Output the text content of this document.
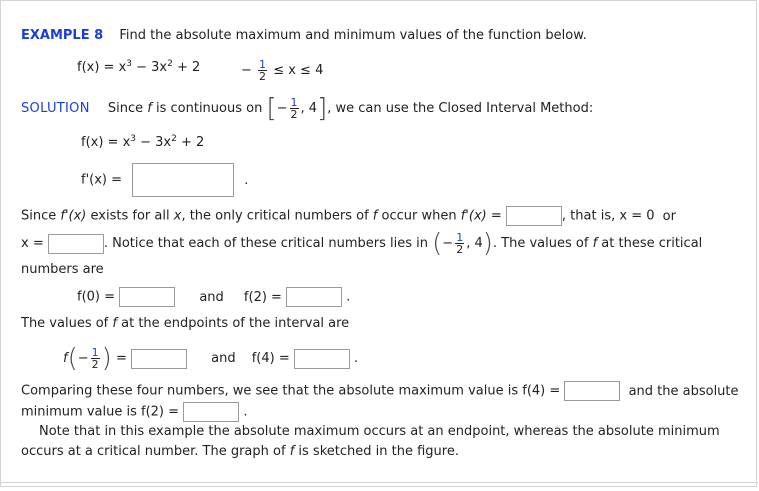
EXAMPLE 8 Find the absolute maximum and minimum values of the function below.
$f(x) = x^3 - 3x^2 + 2$	− $\frac{1}{2} \le x \le 4$
SOLUTION Since f is continuous on [− $\frac{1}{2}$ , 4], we can use the Closed Interval Method:
$f(x) = x^3 - 3x^2 + 2$
f'(x) =	.
Since f'(x) exists for all x, the only critical numbers of f occur when f'(x) =	, that is, x = 0 or
x =	. Notice that each of these critical numbers lies in (− $\frac{1}{2}$ , 4). The values of f at these critical
numbers are
f(0) =	and f(2) =	.
The values of f at the endpoints of the interval are
$f(- \frac{1}{2}$ ) =	and f(4) =	.
Comparing these four numbers, we see that the absolute maximum value is f(4) =	and the absolute
minimum value is f(2) =	.
Note that in this example the absolute maximum occurs at an endpoint, whereas the absolute minimum
occurs at a critical number. The graph of f is sketched in the figure.
